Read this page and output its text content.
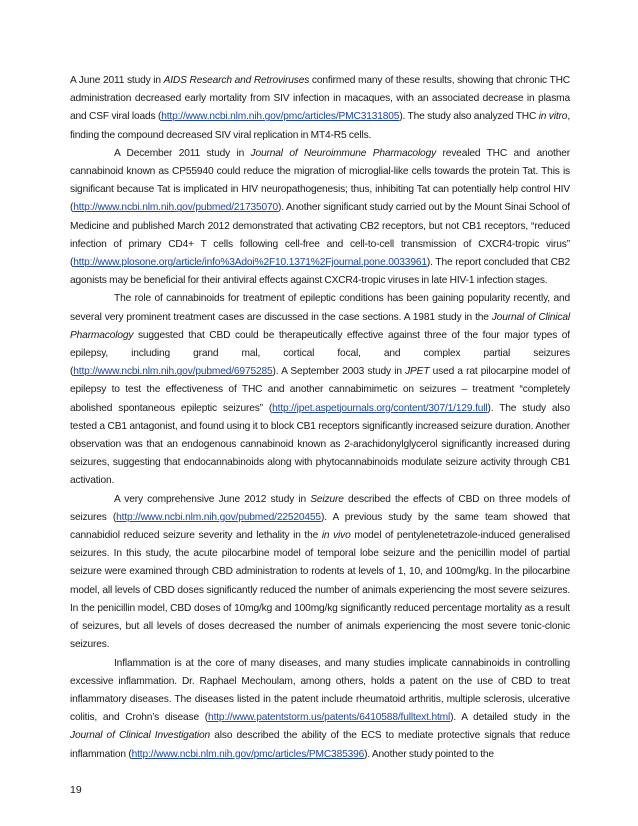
A June 2011 study in AIDS Research and Retroviruses confirmed many of these results, showing that chronic THC administration decreased early mortality from SIV infection in macaques, with an associated decrease in plasma and CSF viral loads (http://www.ncbi.nlm.nih.gov/pmc/articles/PMC3131805). The study also analyzed THC in vitro, finding the compound decreased SIV viral replication in MT4-R5 cells.

A December 2011 study in Journal of Neuroimmune Pharmacology revealed THC and another cannabinoid known as CP55940 could reduce the migration of microglial-like cells towards the protein Tat. This is significant because Tat is implicated in HIV neuropathogenesis; thus, inhibiting Tat can potentially help control HIV (http://www.ncbi.nlm.nih.gov/pubmed/21735070). Another significant study carried out by the Mount Sinai School of Medicine and published March 2012 demonstrated that activating CB2 receptors, but not CB1 receptors, “reduced infection of primary CD4+ T cells following cell-free and cell-to-cell transmission of CXCR4-tropic virus” (http://www.plosone.org/article/info%3Adoi%2F10.1371%2Fjournal.pone.0033961). The report concluded that CB2 agonists may be beneficial for their antiviral effects against CXCR4-tropic viruses in late HIV-1 infection stages.

The role of cannabinoids for treatment of epileptic conditions has been gaining popularity recently, and several very prominent treatment cases are discussed in the case sections. A 1981 study in the Journal of Clinical Pharmacology suggested that CBD could be therapeutically effective against three of the four major types of epilepsy, including grand mal, cortical focal, and complex partial seizures (http://www.ncbi.nlm.nih.gov/pubmed/6975285). A September 2003 study in JPET used a rat pilocarpine model of epilepsy to test the effectiveness of THC and another cannabimimetic on seizures – treatment “completely abolished spontaneous epileptic seizures” (http://jpet.aspetjournals.org/content/307/1/129.full). The study also tested a CB1 antagonist, and found using it to block CB1 receptors significantly increased seizure duration. Another observation was that an endogenous cannabinoid known as 2-arachidonylglycerol significantly increased during seizures, suggesting that endocannabinoids along with phytocannabinoids modulate seizure activity through CB1 activation.

A very comprehensive June 2012 study in Seizure described the effects of CBD on three models of seizures (http://www.ncbi.nlm.nih.gov/pubmed/22520455). A previous study by the same team showed that cannabidiol reduced seizure severity and lethality in the in vivo model of pentylenetetrazole-induced generalised seizures. In this study, the acute pilocarbine model of temporal lobe seizure and the penicillin model of partial seizure were examined through CBD administration to rodents at levels of 1, 10, and 100mg/kg. In the pilocarbine model, all levels of CBD doses significantly reduced the number of animals experiencing the most severe seizures. In the penicillin model, CBD doses of 10mg/kg and 100mg/kg significantly reduced percentage mortality as a result of seizures, but all levels of doses decreased the number of animals experiencing the most severe tonic-clonic seizures.

Inflammation is at the core of many diseases, and many studies implicate cannabinoids in controlling excessive inflammation. Dr. Raphael Mechoulam, among others, holds a patent on the use of CBD to treat inflammatory diseases. The diseases listed in the patent include rheumatoid arthritis, multiple sclerosis, ulcerative colitis, and Crohn’s disease (http://www.patentstorm.us/patents/6410588/fulltext.html). A detailed study in the Journal of Clinical Investigation also described the ability of the ECS to mediate protective signals that reduce inflammation (http://www.ncbi.nlm.nih.gov/pmc/articles/PMC385396). Another study pointed to the

19
